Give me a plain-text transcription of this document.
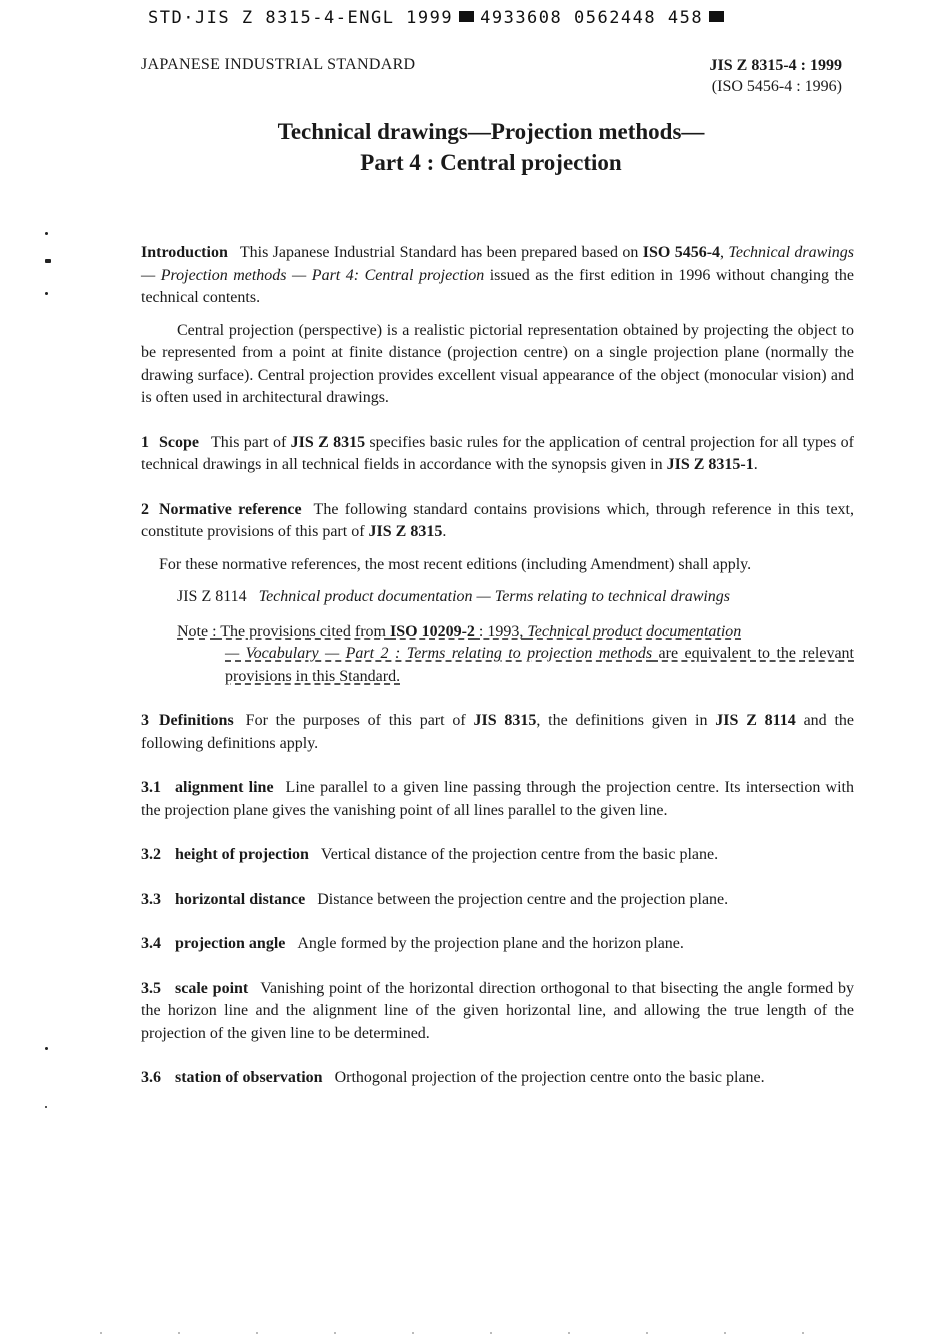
STD·JIS Z 8315-4-ENGL 1999 4933608 0562448 458
JAPANESE INDUSTRIAL STANDARD	JIS Z 8315-4 : 1999
(ISO 5456-4 : 1996)
Technical drawings—Projection methods—
Part 4 : Central projection

Introduction This Japanese Industrial Standard has been prepared based on ISO 5456-4, Technical drawings — Projection methods — Part 4: Central projection issued as the first edition in 1996 without changing the technical contents.

Central projection (perspective) is a realistic pictorial representation obtained by projecting the object to be represented from a point at finite distance (projection centre) on a single projection plane (normally the drawing surface). Central projection provides excellent visual appearance of the object (monocular vision) and is often used in architectural drawings.

1 Scope This part of JIS Z 8315 specifies basic rules for the application of central projection for all types of technical drawings in all technical fields in accordance with the synopsis given in JIS Z 8315-1.

2 Normative reference The following standard contains provisions which, through reference in this text, constitute provisions of this part of JIS Z 8315.

For these normative references, the most recent editions (including Amendment) shall apply.

JIS Z 8114 Technical product documentation — Terms relating to technical drawings

Note : The provisions cited from ISO 10209-2 : 1993, Technical product documentation
— Vocabulary — Part 2 : Terms relating to projection methods are equivalent to the relevant provisions in this Standard.

3 Definitions For the purposes of this part of JIS 8315, the definitions given in JIS Z 8114 and the following definitions apply.

3.1 alignment line Line parallel to a given line passing through the projection centre. Its intersection with the projection plane gives the vanishing point of all lines parallel to the given line.

3.2 height of projection Vertical distance of the projection centre from the basic plane.

3.3 horizontal distance Distance between the projection centre and the projection plane.

3.4 projection angle Angle formed by the projection plane and the horizon plane.

3.5 scale point Vanishing point of the horizontal direction orthogonal to that bisecting the angle formed by the horizon line and the alignment line of the given horizontal line, and allowing the true length of the projection of the given line to be determined.

3.6 station of observation Orthogonal projection of the projection centre onto the basic plane.
